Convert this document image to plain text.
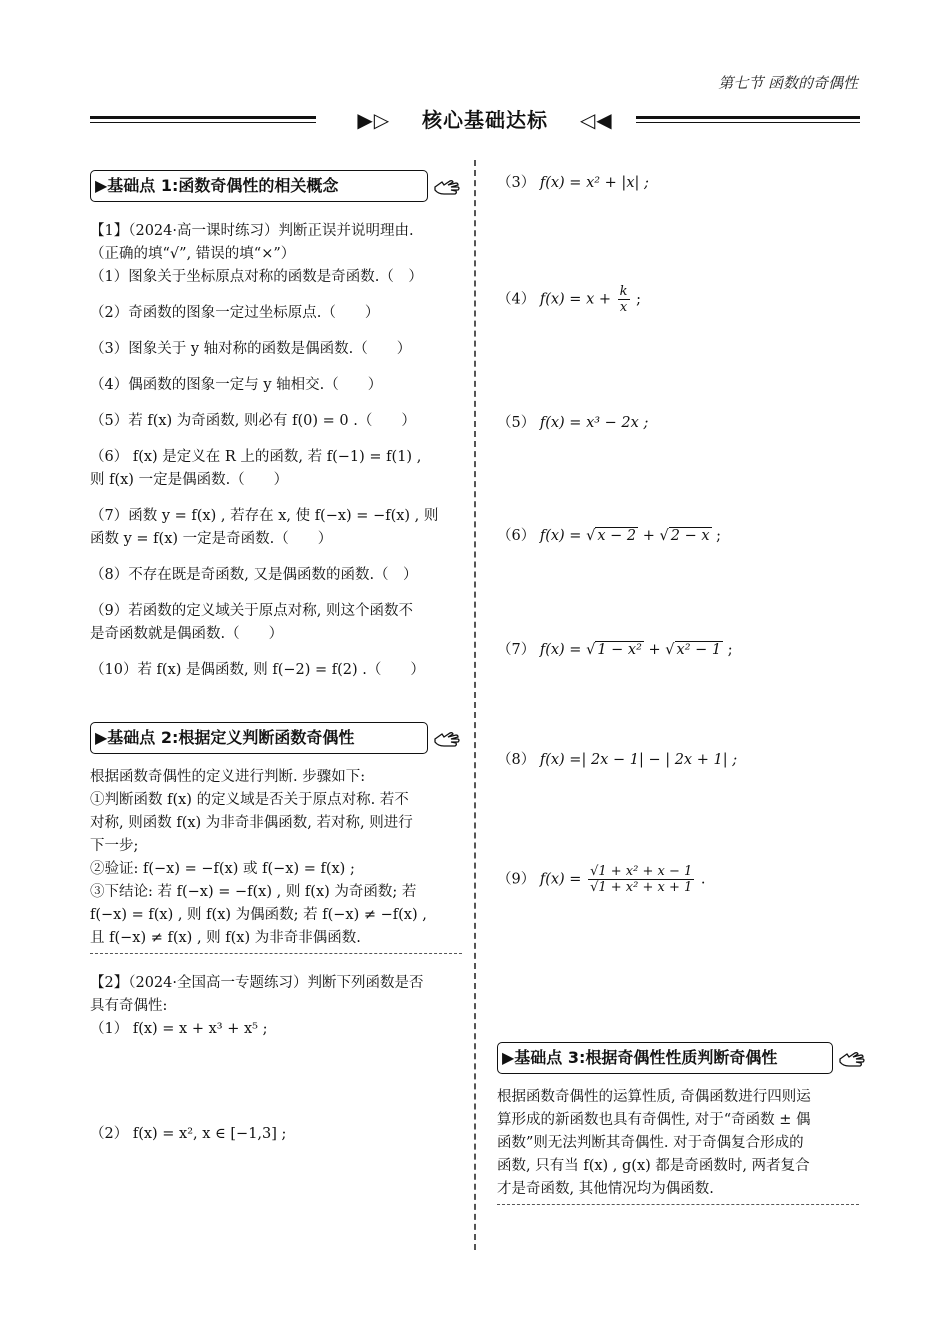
第七节 函数的奇偶性
▶▷ 核心基础达标 ◁◀
▶基础点 1:函数奇偶性的相关概念

【1】（2024·高一课时练习）判断正误并说明理由.

（正确的填“√”, 错误的填“×”）

（1）图象关于坐标原点对称的函数是奇函数.（　）

（2）奇函数的图象一定过坐标原点.（　　）

（3）图象关于 y 轴对称的函数是偶函数.（　　）

（4）偶函数的图象一定与 y 轴相交.（　　）

（5）若 f(x) 为奇函数, 则必有 f(0) = 0 .（　　）

（6） f(x) 是定义在 R 上的函数, 若 f(−1) = f(1) ,

则 f(x) 一定是偶函数.（　　）

（7）函数 y = f(x) , 若存在 x, 使 f(−x) = −f(x) , 则

函数 y = f(x) 一定是奇函数.（　　）

（8）不存在既是奇函数, 又是偶函数的函数.（　）

（9）若函数的定义域关于原点对称, 则这个函数不

是奇函数就是偶函数.（　　）

（10）若 f(x) 是偶函数, 则 f(−2) = f(2) .（　　）

▶基础点 2:根据定义判断函数奇偶性

根据函数奇偶性的定义进行判断. 步骤如下:

①判断函数 f(x) 的定义域是否关于原点对称. 若不

对称, 则函数 f(x) 为非奇非偶函数, 若对称, 则进行

下一步;

②验证: f(−x) = −f(x) 或 f(−x) = f(x) ;

③下结论: 若 f(−x) = −f(x) , 则 f(x) 为奇函数; 若

f(−x) = f(x) , 则 f(x) 为偶函数; 若 f(−x) ≠ −f(x) ,

且 f(−x) ≠ f(x) , 则 f(x) 为非奇非偶函数.

【2】（2024·全国高一专题练习）判断下列函数是否

具有奇偶性:

（1） f(x) = x + x³ + x⁵ ;

（2） f(x) = x², x ∈ [−1,3] ;

（3） f(x) = x² + |x| ;
（4） $f(x) = x + \frac{k}{x}$ ;
（5） f(x) = x³ − 2x ;
（6） f(x) = √ x − 2 + √ 2 − x ;
（7） f(x) = √ 1 − x² + √ x² − 1 ;
（8） f(x) =| 2x − 1| − | 2x + 1| ;
（9） $f(x) = \frac{\text{√1 + x² + x − 1}}{\text{√1 + x² + x + 1}}$ .
▶基础点 3:根据奇偶性性质判断奇偶性

根据函数奇偶性的运算性质, 奇偶函数进行四则运

算形成的新函数也具有奇偶性, 对于“奇函数 ± 偶

函数”则无法判断其奇偶性. 对于奇偶复合形成的

函数, 只有当 f(x) , g(x) 都是奇函数时, 两者复合

才是奇函数, 其他情况均为偶函数.
